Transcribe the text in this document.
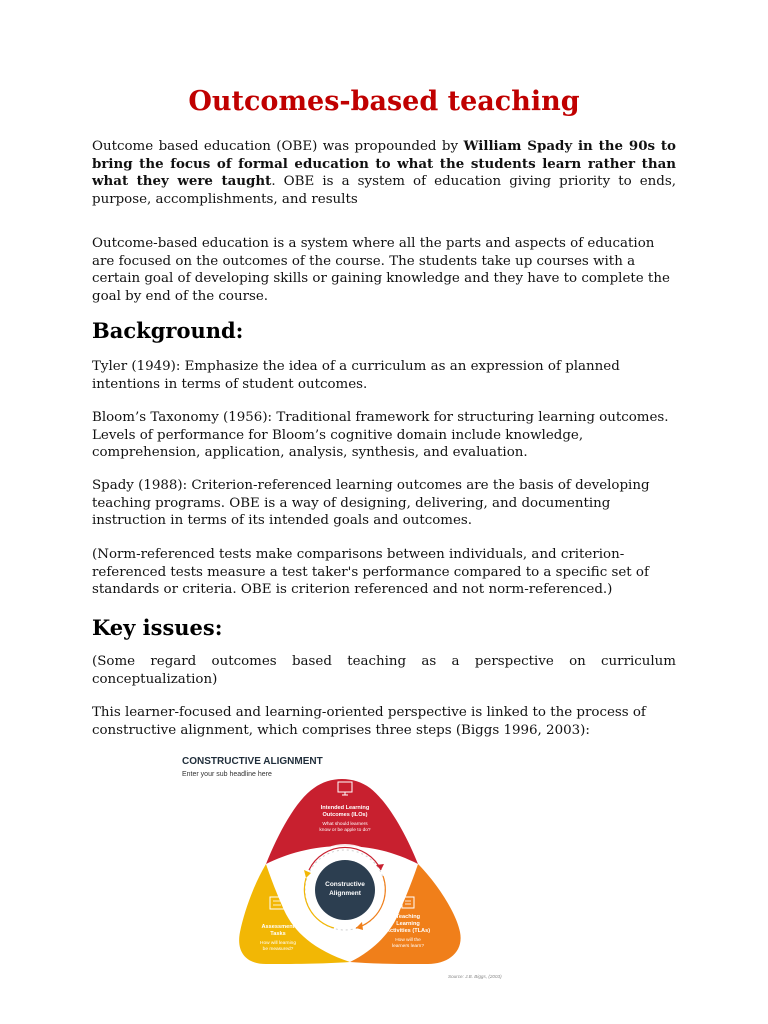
Outcomes-based teaching

Outcome based education (OBE) was propounded by William Spady in the 90s to bring the focus of formal education to what the students learn rather than what they were taught. OBE is a system of education giving priority to ends, purpose, accomplishments, and results

Outcome-based education is a system where all the parts and aspects of education are focused on the outcomes of the course. The students take up courses with a certain goal of developing skills or gaining knowledge and they have to complete the goal by end of the course.

Background:

Tyler (1949): Emphasize the idea of a curriculum as an expression of planned intentions in terms of student outcomes.

Bloom’s Taxonomy (1956): Traditional framework for structuring learning outcomes. Levels of performance for Bloom’s cognitive domain include knowledge, comprehension, application, analysis, synthesis, and evaluation.

Spady (1988): Criterion-referenced learning outcomes are the basis of developing teaching programs. OBE is a way of designing, delivering, and documenting instruction in terms of its intended goals and outcomes.

(Norm-referenced tests make comparisons between individuals, and criterion-referenced tests measure a test taker's performance compared to a specific set of standards or criteria. OBE is criterion referenced and not norm-referenced.)

Key issues:

(Some regard outcomes based teaching as a perspective on curriculum conceptualization)

This learner-focused and learning-oriented perspective is linked to the process of constructive alignment, which comprises three steps (Biggs 1996, 2003):

CONSTRUCTIVE ALIGNMENT

Enter your sub headline here

Constructive
Alignment
Intended Learning
Outcomes (ILOs)
What should learners
know or be apple to do?
Teaching
Learning
Activities (TLAs)
How will the
learners learn?
Assessment
Tasks
How will learning
be measured?

Source: J.B. Biggs, (2003)
